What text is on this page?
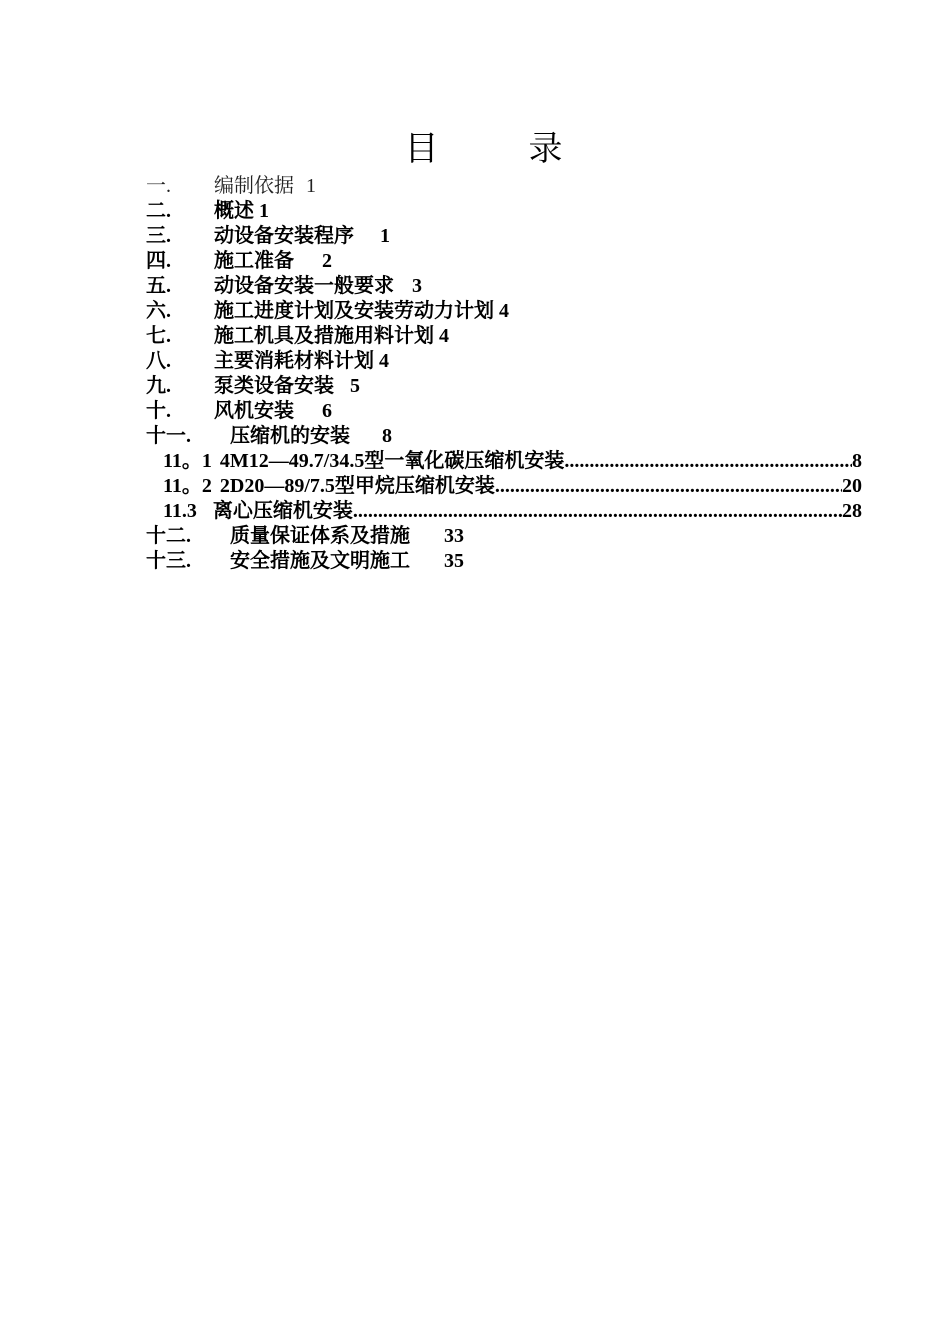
目　录
一. 编制依据 1
二. 概述 1
三. 动设备安装程序 1
四. 施工准备 2
五. 动设备安装一般要求 3
六. 施工进度计划及安装劳动力计划 4
七. 施工机具及措施用料计划 4
八. 主要消耗材料计划 4
九. 泵类设备安装 5
十. 风机安装 6
十一. 压缩机的安装 8
11。1 4M12—49.7/34.5型一氧化碳压缩机安装 .....	8
11。2 2D20—89/7.5型甲烷压缩机安装 .....	20
11.3 离心压缩机安装 .....	28
十二. 质量保证体系及措施 33
十三. 安全措施及文明施工 35
